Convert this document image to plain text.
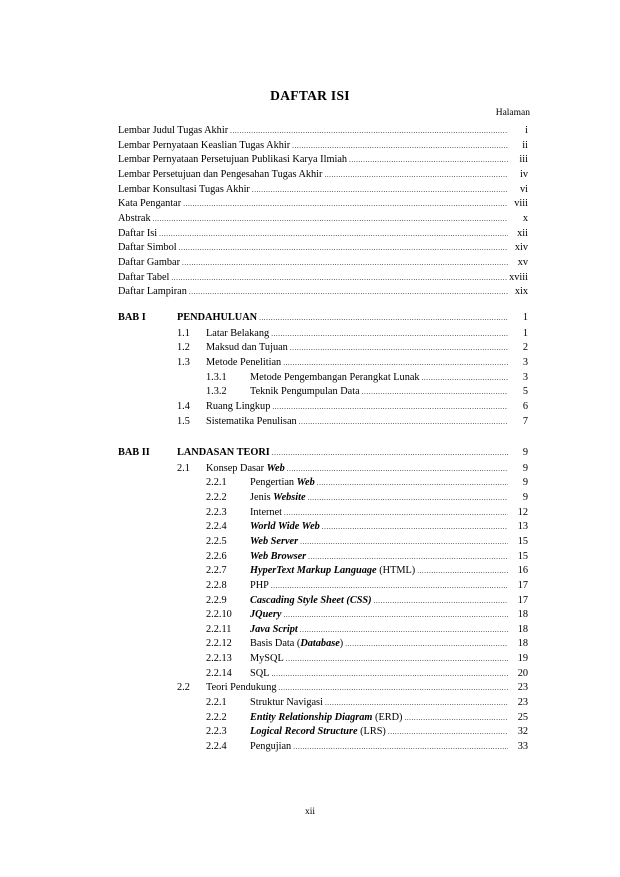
DAFTAR ISI
Halaman
Lembar Judul Tugas Akhir .....	i
Lembar Pernyataan Keaslian Tugas Akhir .....	ii
Lembar Pernyataan Persetujuan Publikasi Karya Ilmiah .....	iii
Lembar Persetujuan dan Pengesahan Tugas Akhir .....	iv
Lembar Konsultasi Tugas Akhir .....	vi
Kata Pengantar .....	viii
Abstrak .....	x
Daftar Isi .....	xii
Daftar Simbol .....	xiv
Daftar Gambar .....	xv
Daftar Tabel .....	xviii
Daftar Lampiran .....	xix
BAB I	PENDAHULUAN .....	1
1.1 Latar Belakang .....	1
1.2 Maksud dan Tujuan .....	2
1.3 Metode Penelitian .....	3
1.3.1 Metode Pengembangan Perangkat Lunak .....	3
1.3.2 Teknik Pengumpulan Data .....	5
1.4 Ruang Lingkup .....	6
1.5 Sistematika Penulisan .....	7
BAB II	LANDASAN TEORI .....	9
2.1 Konsep Dasar Web .....	9
2.2.1 Pengertian Web .....	9
2.2.2 Jenis Website .....	9
2.2.3 Internet .....	12
2.2.4 World Wide Web .....	13
2.2.5 Web Server .....	15
2.2.6 Web Browser .....	15
2.2.7 HyperText Markup Language (HTML) .....	16
2.2.8 PHP .....	17
2.2.9 Cascading Style Sheet (CSS) .....	17
2.2.10 JQuery .....	18
2.2.11 Java Script .....	18
2.2.12 Basis Data (Database) .....	18
2.2.13 MySQL .....	19
2.2.14 SQL .....	20
2.2 Teori Pendukung .....	23
2.2.1 Struktur Navigasi .....	23
2.2.2 Entity Relationship Diagram (ERD) .....	25
2.2.3 Logical Record Structure (LRS) .....	32
2.2.4 Pengujian .....	33
xii
